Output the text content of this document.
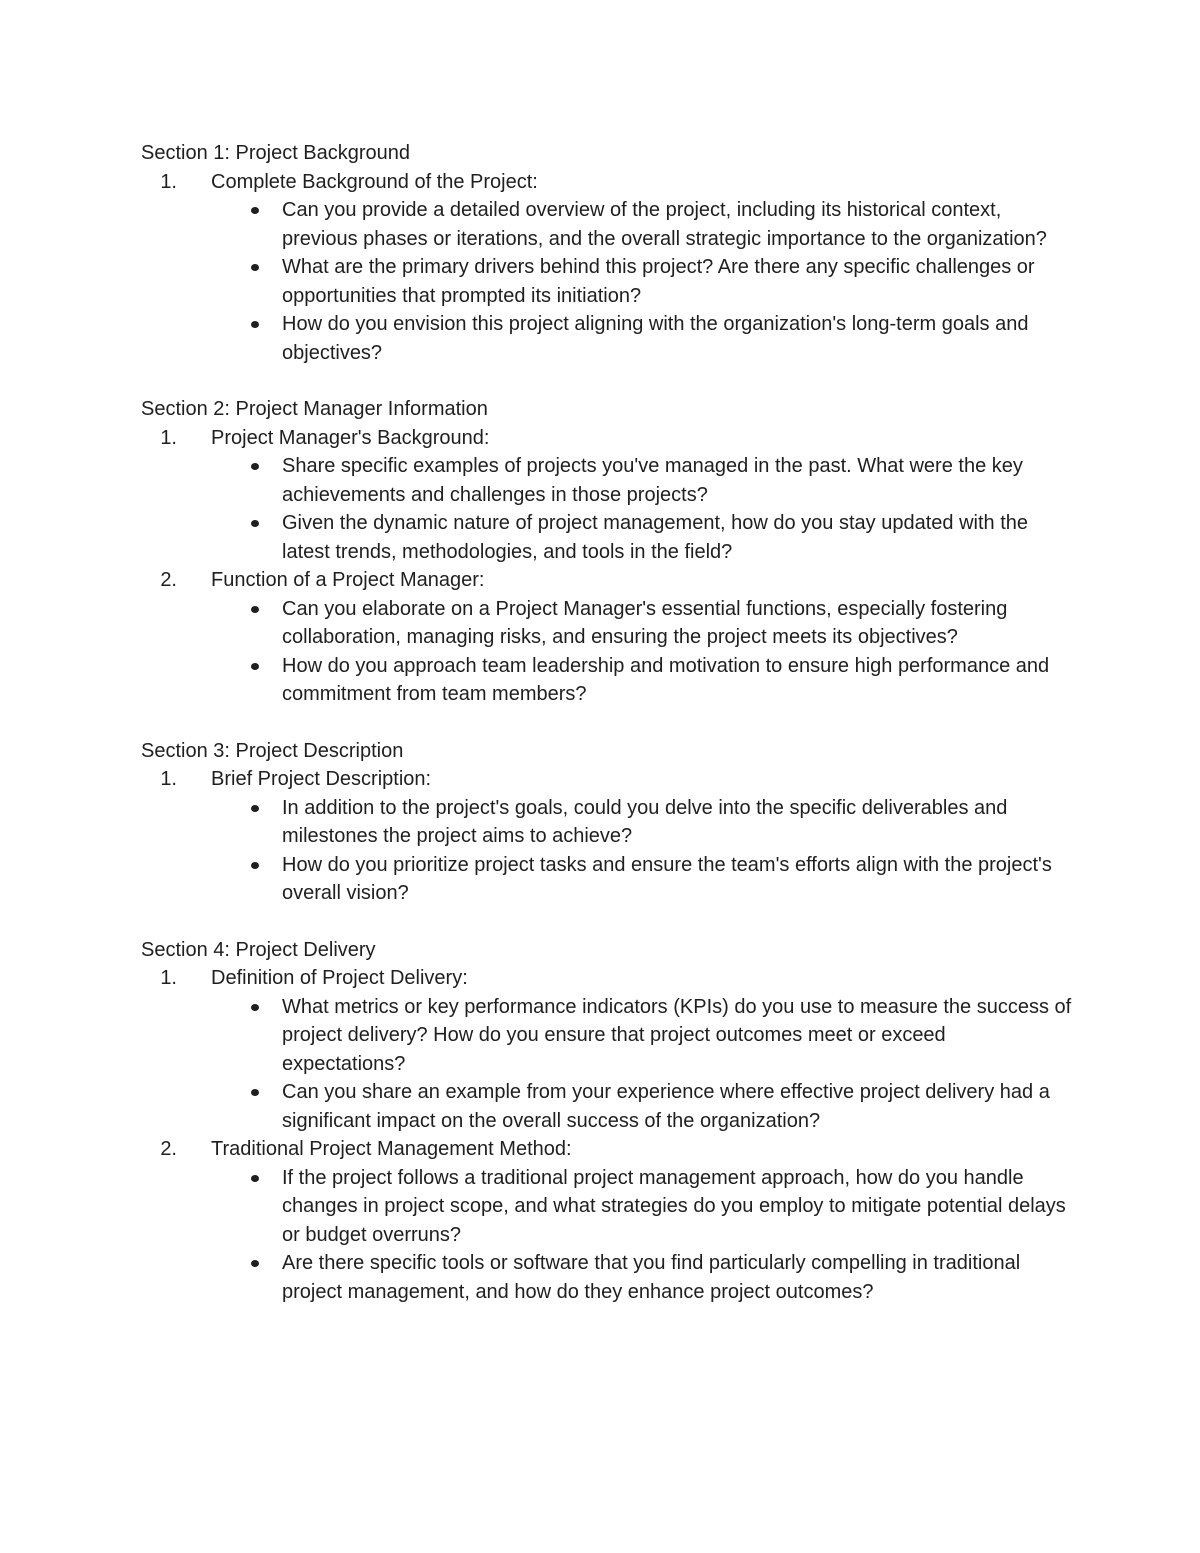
Section 1: Project Background
1.	Complete Background of the Project:
Can you provide a detailed overview of the project, including its historical context, previous phases or iterations, and the overall strategic importance to the organization?
What are the primary drivers behind this project? Are there any specific challenges or opportunities that prompted its initiation?
How do you envision this project aligning with the organization's long-term goals and objectives?
Section 2: Project Manager Information
1.	Project Manager's Background:
Share specific examples of projects you've managed in the past. What were the key achievements and challenges in those projects?
Given the dynamic nature of project management, how do you stay updated with the latest trends, methodologies, and tools in the field?
2.	Function of a Project Manager:
Can you elaborate on a Project Manager's essential functions, especially fostering collaboration, managing risks, and ensuring the project meets its objectives?
How do you approach team leadership and motivation to ensure high performance and commitment from team members?
Section 3: Project Description
1.	Brief Project Description:
In addition to the project's goals, could you delve into the specific deliverables and milestones the project aims to achieve?
How do you prioritize project tasks and ensure the team's efforts align with the project's overall vision?
Section 4: Project Delivery
1.	Definition of Project Delivery:
What metrics or key performance indicators (KPIs) do you use to measure the success of project delivery? How do you ensure that project outcomes meet or exceed expectations?
Can you share an example from your experience where effective project delivery had a significant impact on the overall success of the organization?
2.	Traditional Project Management Method:
If the project follows a traditional project management approach, how do you handle changes in project scope, and what strategies do you employ to mitigate potential delays or budget overruns?
Are there specific tools or software that you find particularly compelling in traditional project management, and how do they enhance project outcomes?
